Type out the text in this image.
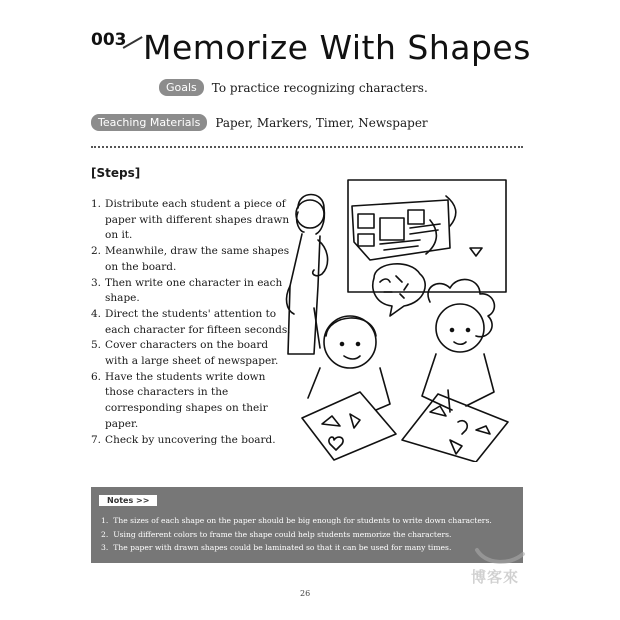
003 Memorize With Shapes
Goals	To practice recognizing characters.
Teaching Materials	Paper, Markers, Timer, Newspaper
[Steps]
1. Distribute each student a piece of paper with different shapes drawn on it.
2. Meanwhile, draw the same shapes on the board.
3. Then write one character in each shape.
4. Direct the students' attention to each character for fifteen seconds.
5. Cover characters on the board with a large sheet of newspaper.
6. Have the students write down those characters in the corresponding shapes on their paper.
7. Check by uncovering the board.
Notes >>
1. The sizes of each shape on the paper should be big enough for students to write down characters.
2. Using different colors to frame the shape could help students memorize the characters.
3. The paper with drawn shapes could be laminated so that it can be used for many times.
博客來
26
